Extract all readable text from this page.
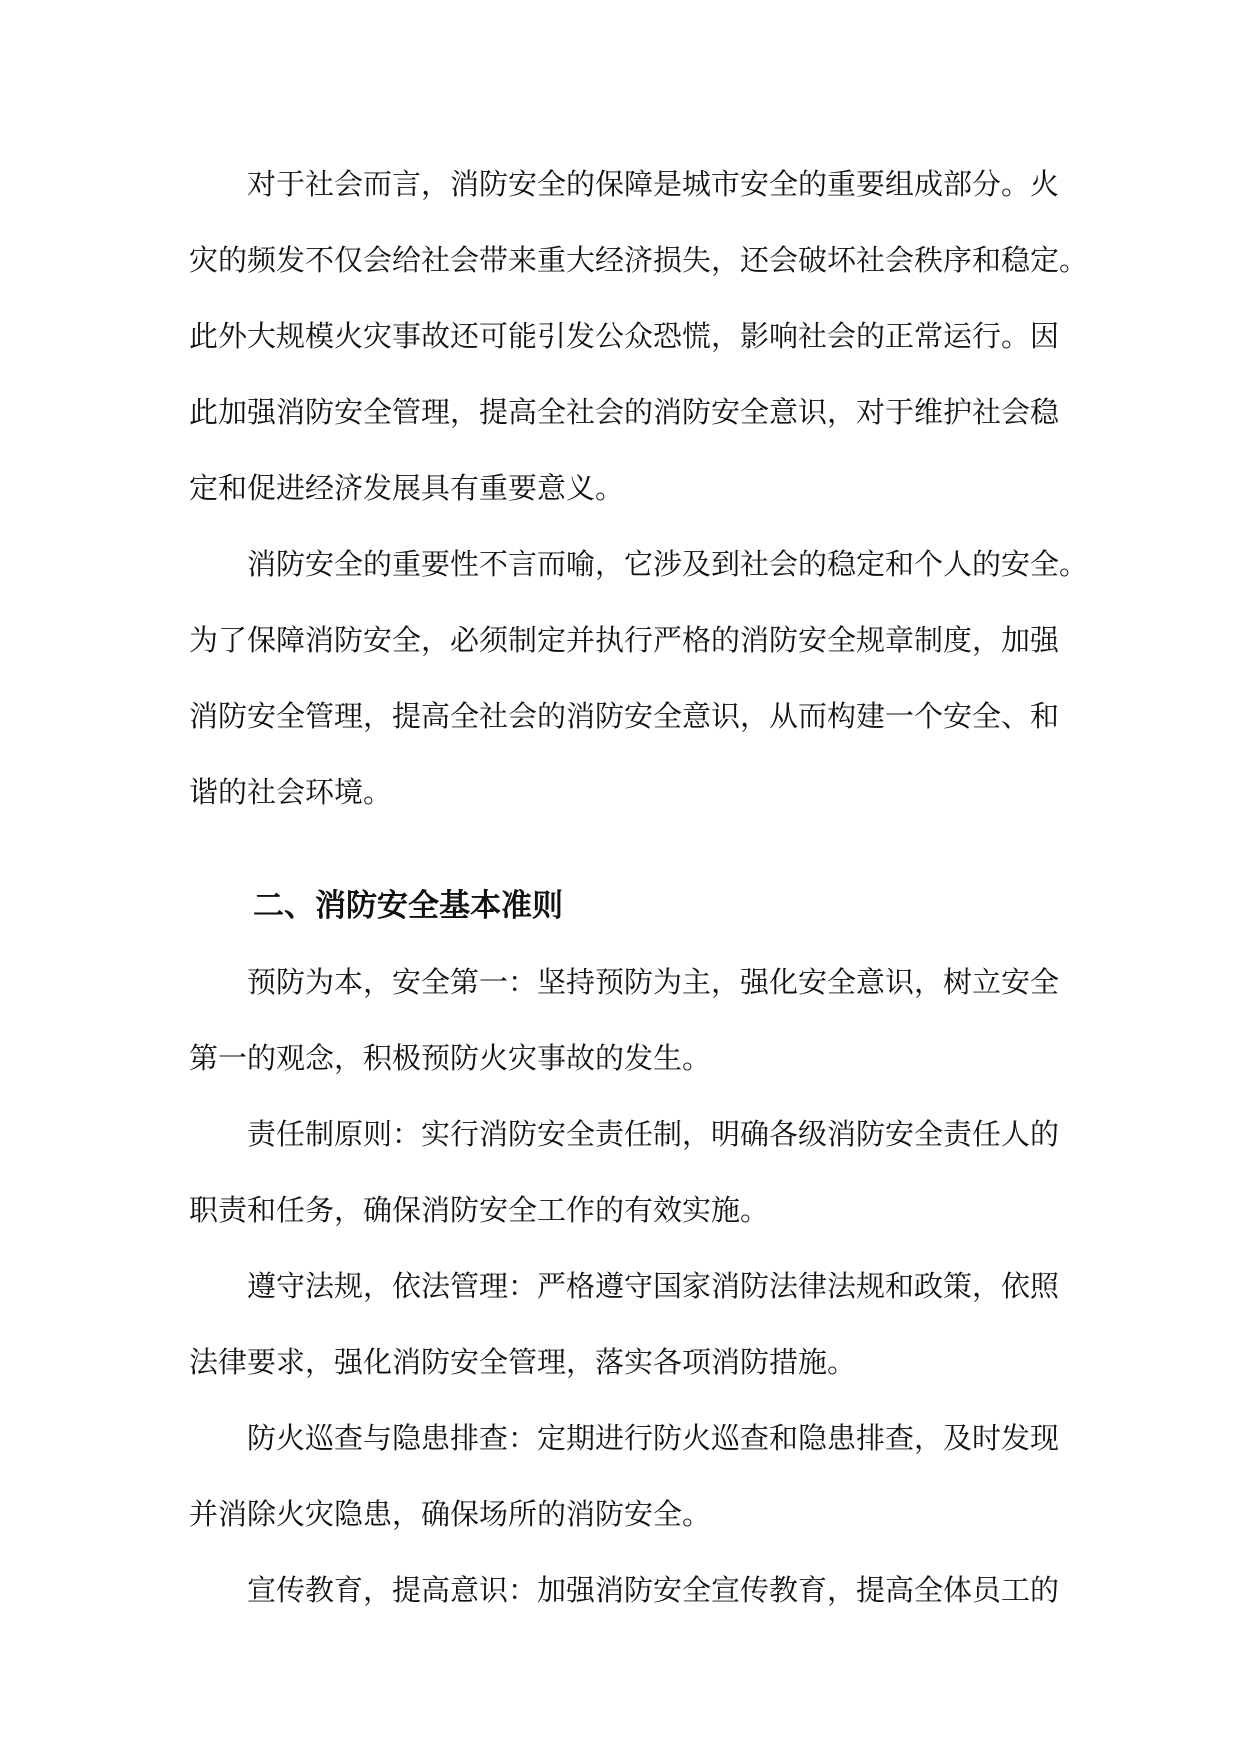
对于社会而言，消防安全的保障是城市安全的重要组成部分。火
灾的频发不仅会给社会带来重大经济损失，还会破坏社会秩序和稳定。
此外大规模火灾事故还可能引发公众恐慌，影响社会的正常运行。因
此加强消防安全管理，提高全社会的消防安全意识，对于维护社会稳
定和促进经济发展具有重要意义。

消防安全的重要性不言而喻，它涉及到社会的稳定和个人的安全。
为了保障消防安全，必须制定并执行严格的消防安全规章制度，加强
消防安全管理，提高全社会的消防安全意识，从而构建一个安全、和
谐的社会环境。

二、消防安全基本准则

预防为本，安全第一：坚持预防为主，强化安全意识，树立安全
第一的观念，积极预防火灾事故的发生。

责任制原则：实行消防安全责任制，明确各级消防安全责任人的
职责和任务，确保消防安全工作的有效实施。

遵守法规，依法管理：严格遵守国家消防法律法规和政策，依照
法律要求，强化消防安全管理，落实各项消防措施。

防火巡查与隐患排查：定期进行防火巡查和隐患排查，及时发现
并消除火灾隐患，确保场所的消防安全。

宣传教育，提高意识：加强消防安全宣传教育，提高全体员工的
